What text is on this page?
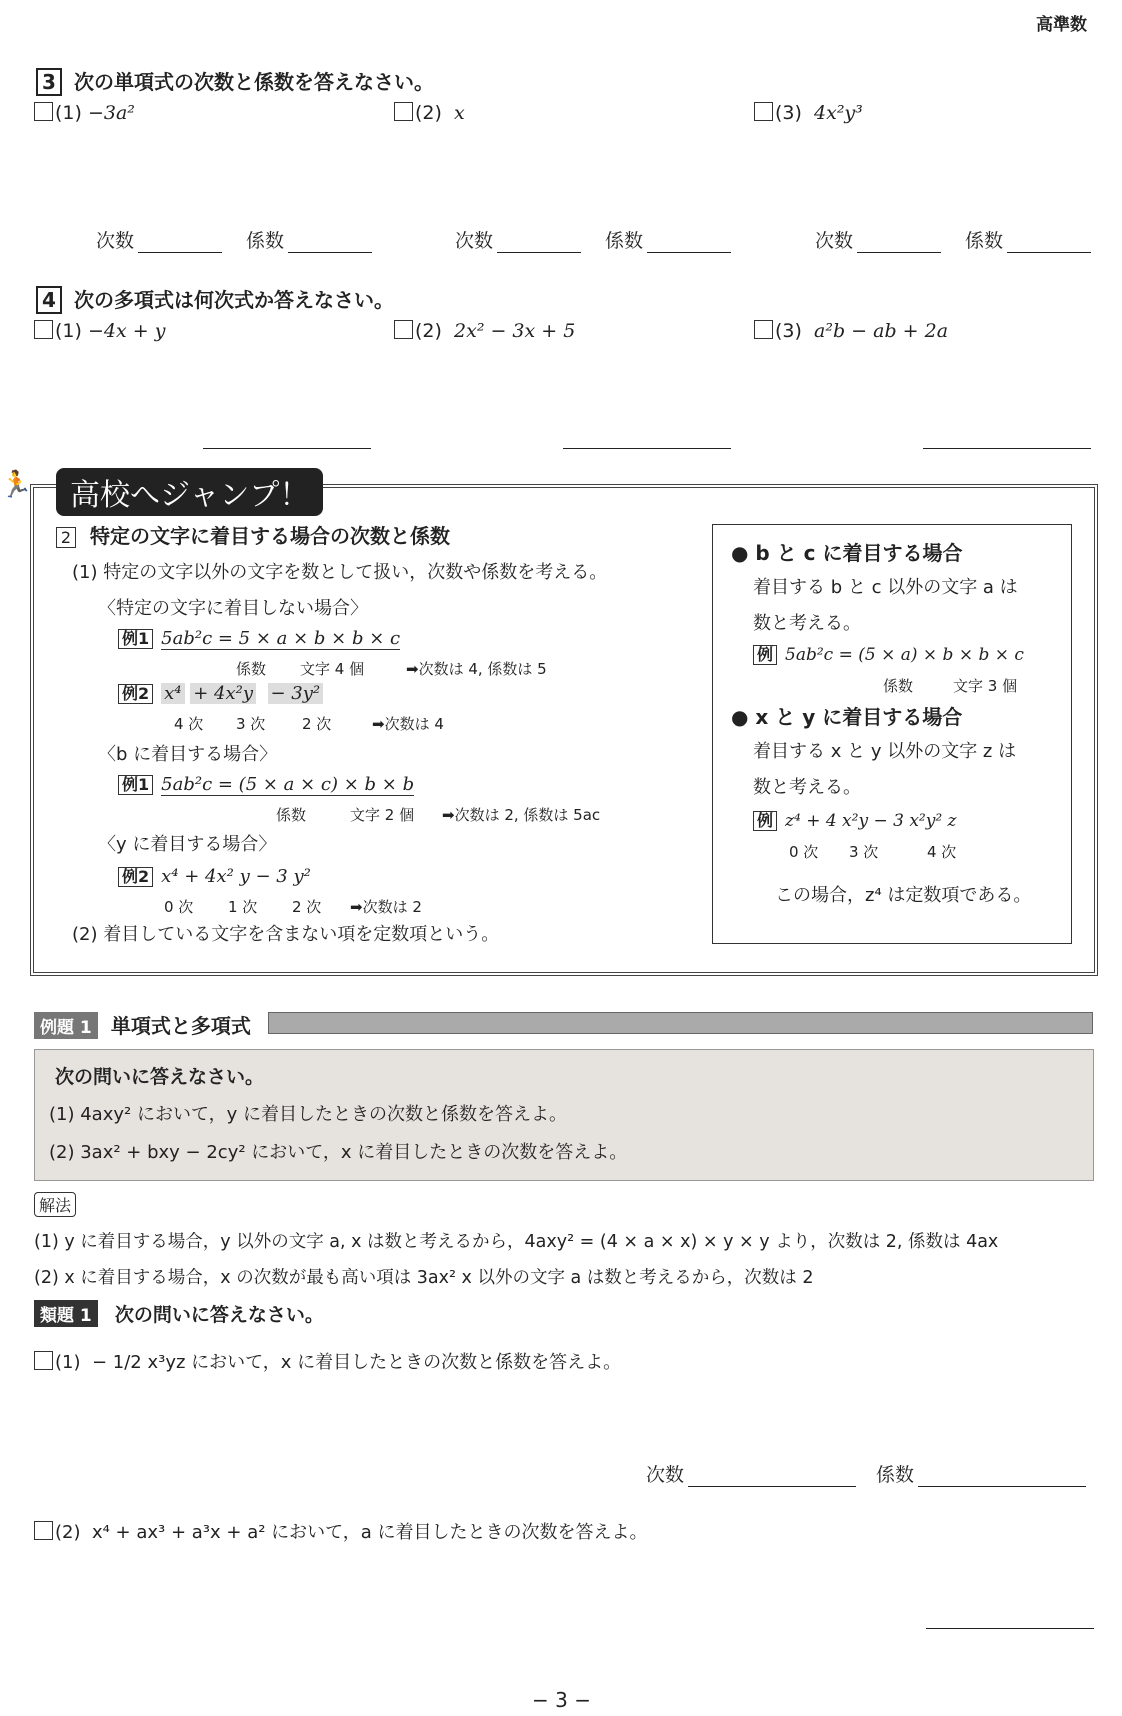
高準数
3 次の単項式の次数と係数を答えなさい。
(1) −3a²	(2) x	(3) 4x²y³
次数	係数	次数	係数	次数	係数
4 次の多項式は何次式か答えなさい。
(1) −4x + y	(2) 2x² − 3x + 5	(3) a²b − ab + 2a
🏃	高校へジャンプ！
2 特定の文字に着目する場合の次数と係数
(1) 特定の文字以外の文字を数として扱い，次数や係数を考える。
〈特定の文字に着目しない場合〉
例1 5ab²c = 5 × a × b × b × c
係数 文字 4 個	➡次数は 4, 係数は 5
例2 x⁴ + 4x²y − 3y²
4 次 3 次 2 次	➡次数は 4
〈b に着目する場合〉
例1 5ab²c = (5 × a × c) × b × b
係数	文字 2 個 ➡次数は 2, 係数は 5ac
〈y に着目する場合〉
例2 x⁴ + 4x² y − 3 y²
0 次 1 次 2 次 ➡次数は 2
(2) 着目している文字を含まない項を定数項という。
● b と c に着目する場合
着目する b と c 以外の文字 a は
数と考える。
例 5ab²c = (5 × a) × b × b × c
係数	文字 3 個
● x と y に着目する場合
着目する x と y 以外の文字 z は
数と考える。
例 z⁴ + 4 x²y − 3 x²y² z
0 次 3 次	4 次
この場合，z⁴ は定数項である。
例題 1 単項式と多項式
次の問いに答えなさい。
(1) 4axy² において，y に着目したときの次数と係数を答えよ。
(2) 3ax² + bxy − 2cy² において，x に着目したときの次数を答えよ。
解法
(1) y に着目する場合，y 以外の文字 a, x は数と考えるから，4axy² = (4 × a × x) × y × y より，次数は 2, 係数は 4ax
(2) x に着目する場合，x の次数が最も高い項は 3ax² x 以外の文字 a は数と考えるから，次数は 2
類題 1 次の問いに答えなさい。
(1) − 1/2 x³yz において，x に着目したときの次数と係数を答えよ。
次数	係数
(2) x⁴ + ax³ + a³x + a² において，a に着目したときの次数を答えよ。
− 3 −
